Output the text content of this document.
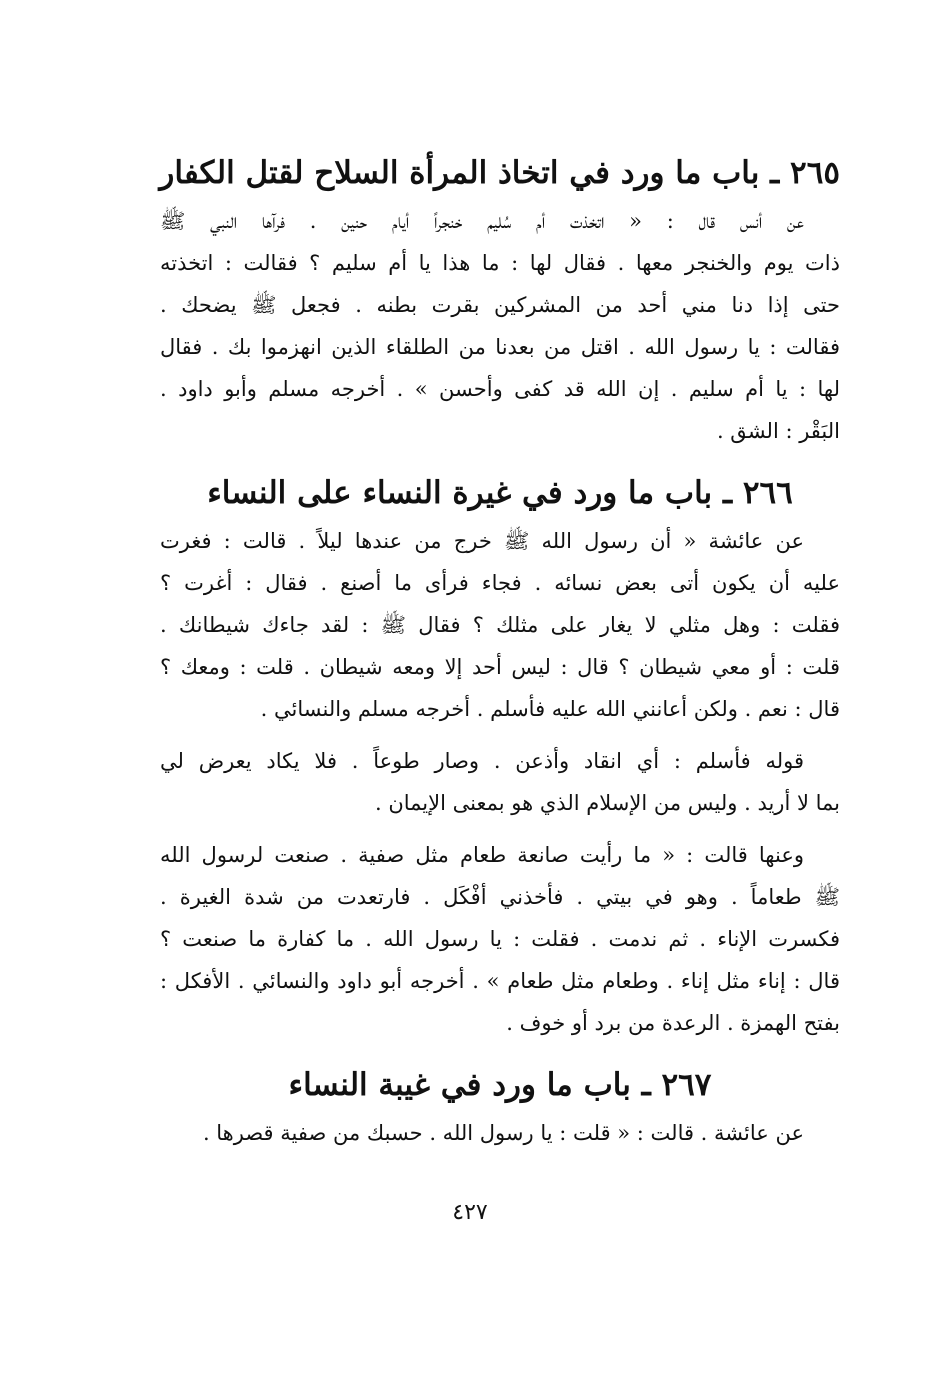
٢٦٥ ـ باب ما ورد في اتخاذ المرأة السلاح لقتل الكفار
عن أنس قال : « اتخذت أم سُليم خنجراً أيام حنين . فرآها النبي ﷺ
ذات يوم والخنجر معها . فقال لها : ما هذا يا أم سليم ؟ فقالت : اتخذته
حتى إذا دنا مني أحد من المشركين بقرت بطنه . فجعل ﷺ يضحك .
فقالت : يا رسول الله . اقتل من بعدنا من الطلقاء الذين انهزموا بك . فقال
لها : يا أم سليم . إن الله قد كفى وأحسن » . أخرجه مسلم وأبو داود .
البَقْر : الشق .
٢٦٦ ـ باب ما ورد في غيرة النساء على النساء
عن عائشة « أن رسول الله ﷺ خرج من عندها ليلاً . قالت : فغرت
عليه أن يكون أتى بعض نسائه . فجاء فرأى ما أصنع . فقال : أغرت ؟
فقلت : وهل مثلي لا يغار على مثلك ؟ فقال ﷺ : لقد جاءك شيطانك .
قلت : أو معي شيطان ؟ قال : ليس أحد إلا ومعه شيطان . قلت : ومعك ؟
قال : نعم . ولكن أعانني الله عليه فأسلم . أخرجه مسلم والنسائي .
قوله فأسلم : أي انقاد وأذعن . وصار طوعاً . فلا يكاد يعرض لي
بما لا أريد . وليس من الإسلام الذي هو بمعنى الإيمان .
وعنها قالت : « ما رأيت صانعة طعام مثل صفية . صنعت لرسول الله
ﷺ طعاماً . وهو في بيتي . فأخذني أفْكَل . فارتعدت من شدة الغيرة .
فكسرت الإناء . ثم ندمت . فقلت : يا رسول الله . ما كفارة ما صنعت ؟
قال : إناء مثل إناء . وطعام مثل طعام » . أخرجه أبو داود والنسائي . الأفكل :
بفتح الهمزة . الرعدة من برد أو خوف .
٢٦٧ ـ باب ما ورد في غيبة النساء
عن عائشة . قالت : « قلت : يا رسول الله . حسبك من صفية قصرها .
٤٢٧
